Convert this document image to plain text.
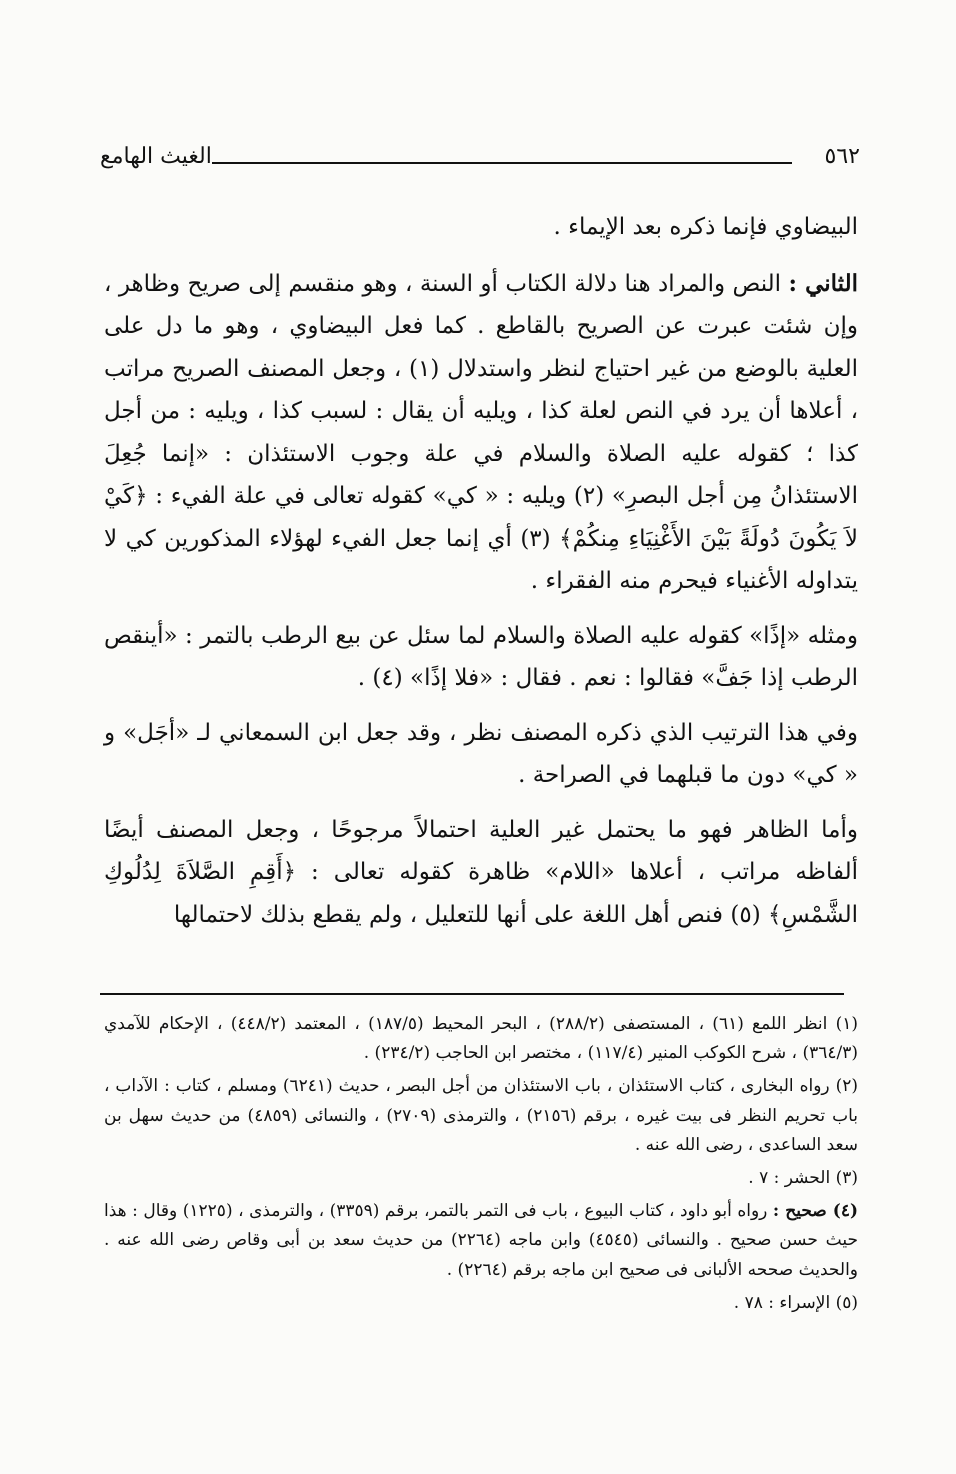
٥٦٢
الغيث الهامع

البيضاوي فإنما ذكره بعد الإيماء .

الثاني : النص والمراد هنا دلالة الكتاب أو السنة ، وهو منقسم إلى صريح وظاهر ، وإن شئت عبرت عن الصريح بالقاطع . كما فعل البيضاوي ، وهو ما دل على العلية بالوضع من غير احتياج لنظر واستدلال (١) ، وجعل المصنف الصريح مراتب ، أعلاها أن يرد في النص لعلة كذا ، ويليه أن يقال : لسبب كذا ، ويليه : من أجل كذا ؛ كقوله عليه الصلاة والسلام في علة وجوب الاستئذان : «إنما جُعِلَ الاستئذانُ مِن أجل البصرِ» (٢) ويليه : « كي» كقوله تعالى في علة الفيء : ﴿كَيْ لاَ يَكُونَ دُولَةً بَيْنَ الأَغْنِيَاءِ مِنكُمْ﴾ (٣) أي إنما جعل الفيء لهؤلاء المذكورين كي لا يتداوله الأغنياء فيحرم منه الفقراء .

ومثله «إذًا» كقوله عليه الصلاة والسلام لما سئل عن بيع الرطب بالتمر : «أينقص الرطب إذا جَفَّ» فقالوا : نعم . فقال : «فلا إذًا» (٤) .

وفي هذا الترتيب الذي ذكره المصنف نظر ، وقد جعل ابن السمعاني لـ «أجَل» و « كي» دون ما قبلهما في الصراحة .

وأما الظاهر فهو ما يحتمل غير العلية احتمالاً مرجوحًا ، وجعل المصنف أيضًا ألفاظه مراتب ، أعلاها «اللام» ظاهرة كقوله تعالى : ﴿أَقِمِ الصَّلاَةَ لِدُلُوكِ الشَّمْسِ﴾ (٥) فنص أهل اللغة على أنها للتعليل ، ولم يقطع بذلك لاحتمالها

(١) انظر اللمع (٦١) ، المستصفى (٢٨٨/٢) ، البحر المحيط (١٨٧/٥) ، المعتمد (٤٤٨/٢) ، الإحكام للآمدي (٣٦٤/٣) ، شرح الكوكب المنير (١١٧/٤) ، مختصر ابن الحاجب (٢٣٤/٢) .

(٢) رواه البخارى ، كتاب الاستئذان ، باب الاستئذان من أجل البصر ، حديث (٦٢٤١) ومسلم ، كتاب : الآداب ، باب تحريم النظر فى بيت غيره ، برقم (٢١٥٦) ، والترمذى (٢٧٠٩) ، والنسائى (٤٨٥٩) من حديث سهل بن سعد الساعدى ، رضى الله عنه .

(٣) الحشر : ٧ .

(٤) صحيح : رواه أبو داود ، كتاب البيوع ، باب فى التمر بالتمر، برقم (٣٣٥٩) ، والترمذى ، (١٢٢٥) وقال : هذا حيث حسن صحيح . والنسائى (٤٥٤٥) وابن ماجه (٢٢٦٤) من حديث سعد بن أبى وقاص رضى الله عنه . والحديث صححه الألبانى فى صحيح ابن ماجه برقم (٢٢٦٤) .

(٥) الإسراء : ٧٨ .
